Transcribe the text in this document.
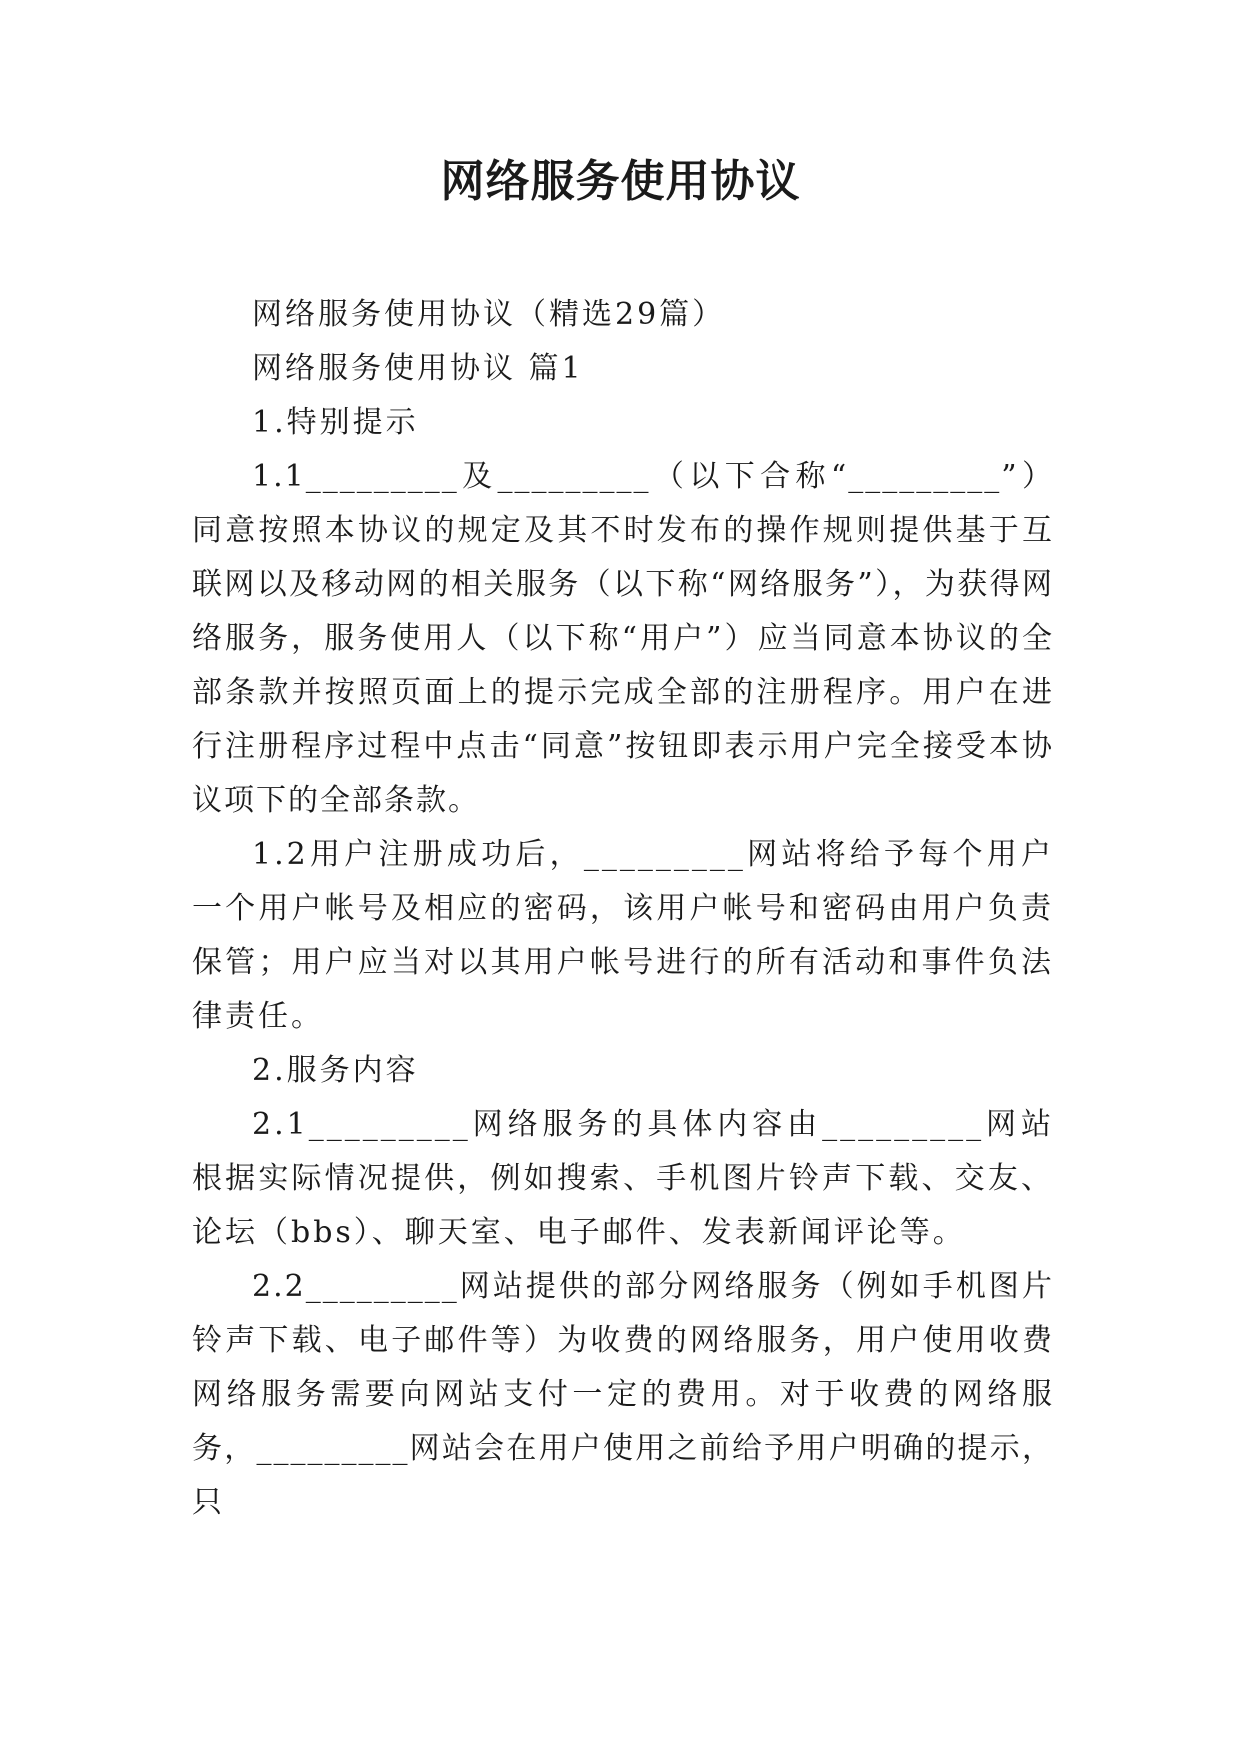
网络服务使用协议

网络服务使用协议（精选29篇）

网络服务使用协议 篇1

1.特别提示

1.1_________及_________（以下合称“_________”）同意按照本协议的规定及其不时发布的操作规则提供基于互联网以及移动网的相关服务（以下称“网络服务”），为获得网络服务，服务使用人（以下称“用户”）应当同意本协议的全部条款并按照页面上的提示完成全部的注册程序。用户在进行注册程序过程中点击“同意”按钮即表示用户完全接受本协议项下的全部条款。

1.2用户注册成功后，_________网站将给予每个用户一个用户帐号及相应的密码，该用户帐号和密码由用户负责保管；用户应当对以其用户帐号进行的所有活动和事件负法律责任。

2.服务内容

2.1_________网络服务的具体内容由_________网站根据实际情况提供，例如搜索、手机图片铃声下载、交友、论坛（bbs）、聊天室、电子邮件、发表新闻评论等。

2.2_________网站提供的部分网络服务（例如手机图片铃声下载、电子邮件等）为收费的网络服务，用户使用收费网络服务需要向网站支付一定的费用。对于收费的网络服务，_________网站会在用户使用之前给予用户明确的提示，只
